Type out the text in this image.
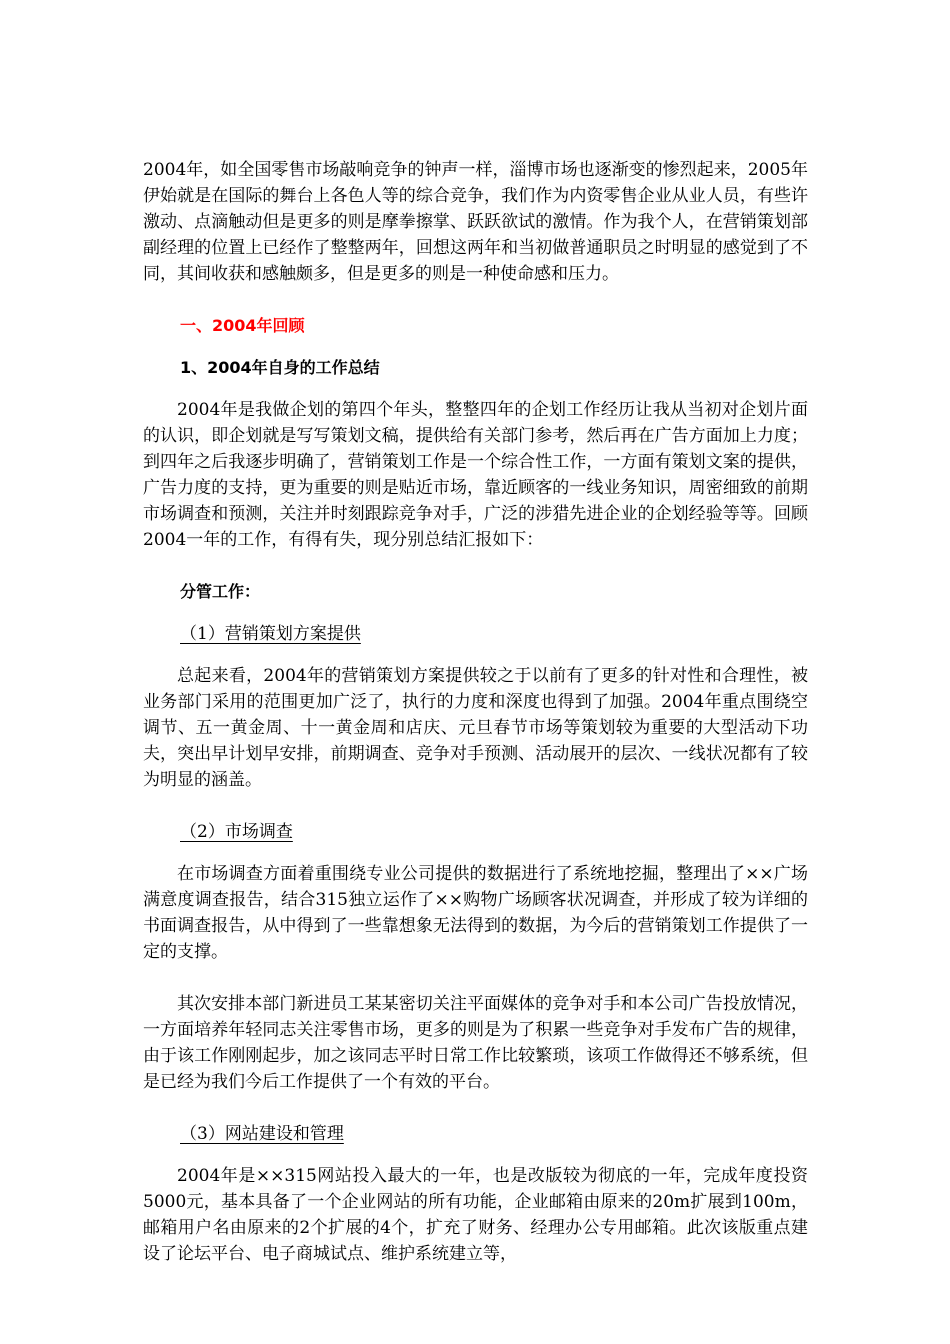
2004年，如全国零售市场敲响竞争的钟声一样，淄博市场也逐渐变的惨烈起来，2005年伊始就是在国际的舞台上各色人等的综合竞争，我们作为内资零售企业从业人员，有些许激动、点滴触动但是更多的则是摩拳擦掌、跃跃欲试的激情。作为我个人，在营销策划部副经理的位置上已经作了整整两年，回想这两年和当初做普通职员之时明显的感觉到了不同，其间收获和感触颇多，但是更多的则是一种使命感和压力。

一、2004年回顾

1、2004年自身的工作总结

2004年是我做企划的第四个年头，整整四年的企划工作经历让我从当初对企划片面的认识，即企划就是写写策划文稿，提供给有关部门参考，然后再在广告方面加上力度；到四年之后我逐步明确了，营销策划工作是一个综合性工作，一方面有策划文案的提供，广告力度的支持，更为重要的则是贴近市场，靠近顾客的一线业务知识，周密细致的前期市场调查和预测，关注并时刻跟踪竞争对手，广泛的涉猎先进企业的企划经验等等。回顾2004一年的工作，有得有失，现分别总结汇报如下：

分管工作：

（1）营销策划方案提供

总起来看，2004年的营销策划方案提供较之于以前有了更多的针对性和合理性，被业务部门采用的范围更加广泛了，执行的力度和深度也得到了加强。2004年重点围绕空调节、五一黄金周、十一黄金周和店庆、元旦春节市场等策划较为重要的大型活动下功夫，突出早计划早安排，前期调查、竞争对手预测、活动展开的层次、一线状况都有了较为明显的涵盖。

（2）市场调查

在市场调查方面着重围绕专业公司提供的数据进行了系统地挖掘，整理出了××广场满意度调查报告，结合315独立运作了××购物广场顾客状况调查，并形成了较为详细的书面调查报告，从中得到了一些靠想象无法得到的数据，为今后的营销策划工作提供了一定的支撑。

其次安排本部门新进员工某某密切关注平面媒体的竞争对手和本公司广告投放情况，一方面培养年轻同志关注零售市场，更多的则是为了积累一些竞争对手发布广告的规律，由于该工作刚刚起步，加之该同志平时日常工作比较繁琐，该项工作做得还不够系统，但是已经为我们今后工作提供了一个有效的平台。

（3）网站建设和管理

2004年是××315网站投入最大的一年，也是改版较为彻底的一年，完成年度投资5000元，基本具备了一个企业网站的所有功能，企业邮箱由原来的20m扩展到100m，邮箱用户名由原来的2个扩展的4个，扩充了财务、经理办公专用邮箱。此次该版重点建设了论坛平台、电子商城试点、维护系统建立等，
